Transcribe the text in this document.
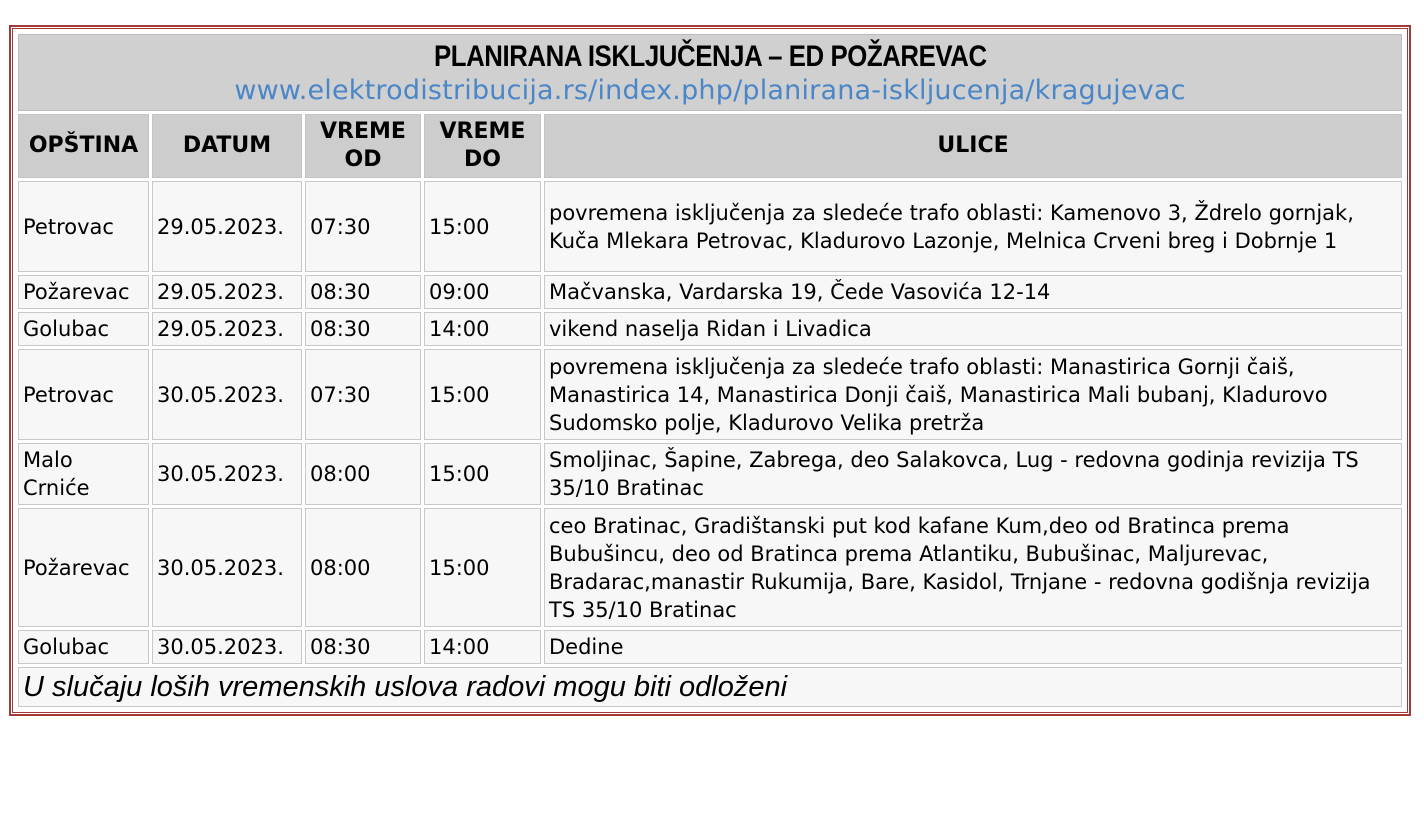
PLANIRANA ISKLJUČENJA – ED POŽAREVAC
www.elektrodistribucija.rs/index.php/planirana-iskljucenja/kragujevac				

OPŠTINA	DATUM	VREME OD	VREME DO	ULICE
Petrovac	29.05.2023.	07:30	15:00	povremena isključenja za sledeće trafo oblasti: Kamenovo 3, Ždrelo gornjak, Kuča Mlekara Petrovac, Kladurovo Lazonje, Melnica Crveni breg i Dobrnje 1
Požarevac	29.05.2023.	08:30	09:00	Mačvanska, Vardarska 19, Čede Vasovića 12-14
Golubac	29.05.2023.	08:30	14:00	vikend naselja Ridan i Livadica
Petrovac	30.05.2023.	07:30	15:00	povremena isključenja za sledeće trafo oblasti: Manastirica Gornji čaiš, Manastirica 14, Manastirica Donji čaiš, Manastirica Mali bubanj, Kladurovo Sudomsko polje, Kladurovo Velika pretrža
Malo Crniće	30.05.2023.	08:00	15:00	Smoljinac, Šapine, Zabrega, deo Salakovca, Lug - redovna godinja revizija TS 35/10 Bratinac
Požarevac	30.05.2023.	08:00	15:00	ceo Bratinac, Gradištanski put kod kafane Kum,deo od Bratinca prema Bubušincu, deo od Bratinca prema Atlantiku, Bubušinac, Maljurevac, Bradarac,manastir Rukumija, Bare, Kasidol, Trnjane - redovna godišnja revizija TS 35/10 Bratinac
Golubac	30.05.2023.	08:30	14:00	Dedine
U slučaju loših vremenskih uslova radovi mogu biti odloženi				
